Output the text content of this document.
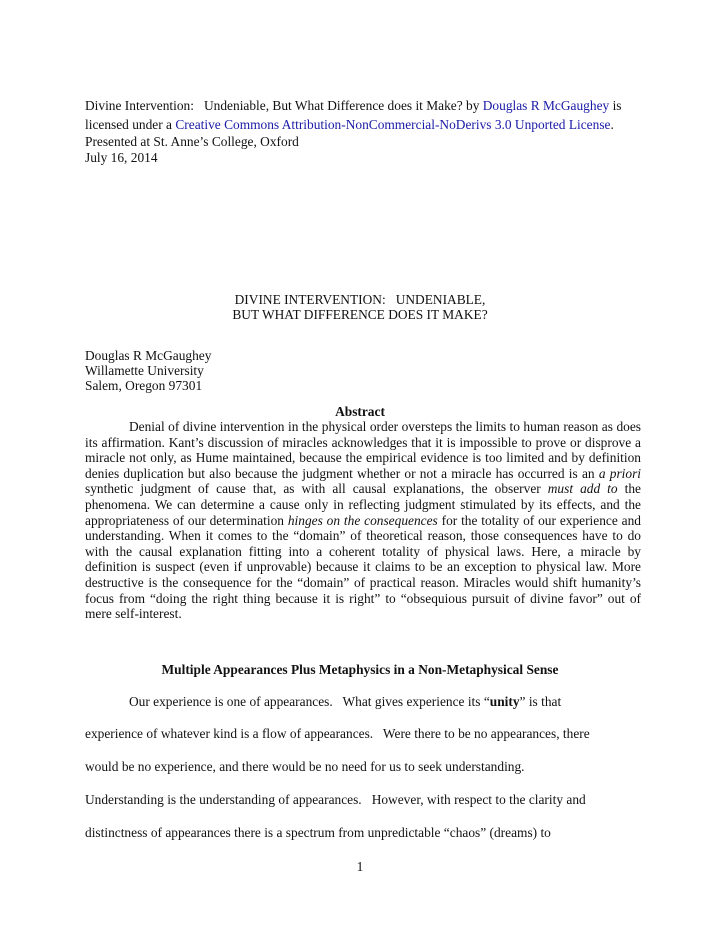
Divine Intervention:   Undeniable, But What Difference does it Make? by Douglas R McGaughey is
licensed under a Creative Commons Attribution-NonCommercial-NoDerivs 3.0 Unported License.
Presented at St. Anne’s College, Oxford
July 16, 2014
DIVINE INTERVENTION:   UNDENIABLE,
BUT WHAT DIFFERENCE DOES IT MAKE?
Douglas R McGaughey
Willamette University
Salem, Oregon 97301
Abstract

Denial of divine intervention in the physical order oversteps the limits to human reason as does its affirmation. Kant’s discussion of miracles acknowledges that it is impossible to prove or disprove a miracle not only, as Hume maintained, because the empirical evidence is too limited and by definition denies duplication but also because the judgment whether or not a miracle has occurred is an a priori synthetic judgment of cause that, as with all causal explanations, the observer must add to the phenomena. We can determine a cause only in reflecting judgment stimulated by its effects, and the appropriateness of our determination hinges on the consequences for the totality of our experience and understanding. When it comes to the “domain” of theoretical reason, those consequences have to do with the causal explanation fitting into a coherent totality of physical laws. Here, a miracle by definition is suspect (even if unprovable) because it claims to be an exception to physical law. More destructive is the consequence for the “domain” of practical reason. Miracles would shift humanity’s focus from “doing the right thing because it is right” to “obsequious pursuit of divine favor” out of mere self-interest.

Multiple Appearances Plus Metaphysics in a Non-Metaphysical Sense
Our experience is one of appearances.   What gives experience its “unity” is that
experience of whatever kind is a flow of appearances.   Were there to be no appearances, there
would be no experience, and there would be no need for us to seek understanding.
Understanding is the understanding of appearances.   However, with respect to the clarity and
distinctness of appearances there is a spectrum from unpredictable “chaos” (dreams) to
1
